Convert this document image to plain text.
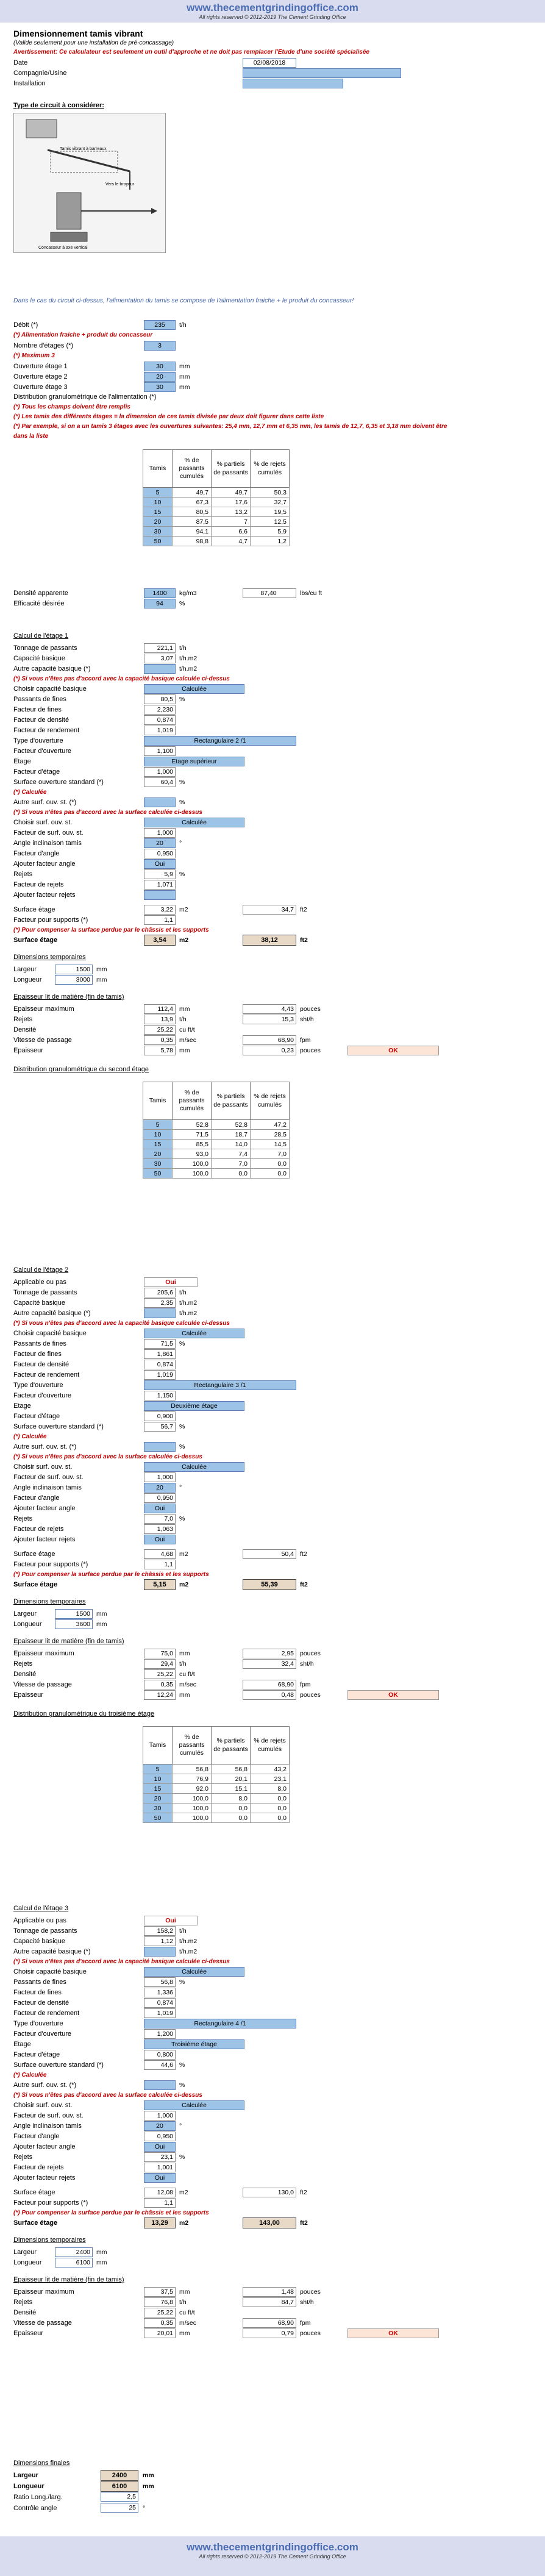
www.thecementgrindingoffice.com
All rights reserved © 2012-2019 The Cement Grinding Office
Dimensionnement tamis vibrant
(Valide seulement pour une installation de pré-concassage)
Avertissement: Ce calculateur est seulement un outil d'approche et ne doit pas remplacer l'Etude d'une société spécialisée
Date	02/08/2018
Compagnie/Usine
Installation
Type de circuit à considérer:
Tamis vibrant à barreaux
Vers le broyeur
Concasseur à axe vertical
Dans le cas du circuit ci-dessus, l'alimentation du tamis se compose de l'alimentation fraiche + le produit du concasseur!
Débit (*)	235	t/h
(*) Alimentation fraiche + produit du concasseur
Nombre d'étages (*)	3
(*) Maximum 3
Distribution granulométrique de l'alimentation (*)
(*) Tous les champs doivent être remplis
(*) Les tamis des différents étages = la dimension de ces tamis divisée par deux doit figurer dans cette liste
(*) Par exemple, si on a un tamis 3 étages avec les ouvertures suivantes: 25,4 mm, 12,7 mm et 6,35 mm, les tamis de 12,7, 6,35 et 3,18 mm doivent être
dans la liste
Tamis	% de passants cumulés	% partiels de passants	% de rejets cumulés
5	49,7	49,7	50,3
10	67,3	17,6	32,7
15	80,5	13,2	19,5
20	87,5	7	12,5
30	94,1	6,6	5,9
50	98,8	4,7	1,2
Densité apparente	1400	kg/m3	87,40	lbs/cu ft
Efficacité désirée	94	%
Ouverture étage 1	30	mm
Ouverture étage 2	20	mm
Ouverture étage 3	30	mm
Calcul de l'étage 1
Tonnage de passants	221,1 t/h
Capacité basique	3,07 t/h.m2
Autre capacité basique (*)	t/h.m2
(*) Si vous n'êtes pas d'accord avec la capacité basique calculée ci-dessus
Choisir capacité basique	Calculée
Passants de fines	80,5 %
Facteur de fines	2,230
Facteur de densité	0,874
Facteur de rendement	1,019
Type d'ouverture	Rectangulaire 2 /1
Facteur d'ouverture	1,100
Etage	Etage supérieur
Facteur d'étage	1,000
Surface ouverture standard (*)	60,4 %
(*) Calculée
Autre surf. ouv. st. (*)	%
(*) Si vous n'êtes pas d'accord avec la surface calculée ci-dessus
Choisir surf. ouv. st.	Calculée
Facteur de surf. ouv. st.	1,000
Angle inclinaison tamis	20	°
Facteur d'angle	0,950
Ajouter facteur angle	Oui
Rejets	5,9 %
Facteur de rejets	1,071
Ajouter facteur rejets
Surface étage	3,22 m2	34,7 ft2
Facteur pour supports (*)	1,1
(*) Pour compenser la surface perdue par le châssis et les supports
Surface étage	3,54	m2	38,12	ft2
Dimensions temporaires
Largeur	1500 mm
Longueur	3000 mm
Epaisseur lit de matière (fin de tamis)
Epaisseur maximum	112,4 mm	4,43 pouces
Rejets	13,9 t/h	15,3 sht/h
Densité	25,22 cu ft/t
Vitesse de passage	0,35 m/sec	68,90 fpm
Epaisseur	5,78 mm	0,23 pouces	OK
Distribution granulométrique du second étage
Tamis	% de passants cumulés	% partiels de passants	% de rejets cumulés
5	52,8	52,8	47,2
10	71,5	18,7	28,5
15	85,5	14,0	14,5
20	93,0	7,4	7,0
30	100,0	7,0	0,0
50	100,0	0,0	0,0
Calcul de l'étage 2
Applicable ou pas	Oui
Tonnage de passants	205,6 t/h
Capacité basique	2,35 t/h.m2
Autre capacité basique (*)	t/h.m2
(*) Si vous n'êtes pas d'accord avec la capacité basique calculée ci-dessus
Choisir capacité basique	Calculée
Passants de fines	71,5 %
Facteur de fines	1,861
Facteur de densité	0,874
Facteur de rendement	1,019
Type d'ouverture	Rectangulaire 3 /1
Facteur d'ouverture	1,150
Etage	Deuxième étage
Facteur d'étage	0,900
Surface ouverture standard (*)	56,7 %
(*) Calculée
Autre surf. ouv. st. (*)	%
(*) Si vous n'êtes pas d'accord avec la surface calculée ci-dessus
Choisir surf. ouv. st.	Calculée
Facteur de surf. ouv. st.	1,000
Angle inclinaison tamis	20	°
Facteur d'angle	0,950
Ajouter facteur angle	Oui
Rejets	7,0 %
Facteur de rejets	1,063
Ajouter facteur rejets	Oui
Surface étage	4,68 m2	50,4 ft2
Facteur pour supports (*)	1,1
(*) Pour compenser la surface perdue par le châssis et les supports
Surface étage	5,15	m2	55,39	ft2
Dimensions temporaires
Largeur	1500 mm
Longueur	3600 mm
Epaisseur lit de matière (fin de tamis)
Epaisseur maximum	75,0 mm	2,95 pouces
Rejets	29,4 t/h	32,4 sht/h
Densité	25,22 cu ft/t
Vitesse de passage	0,35 m/sec	68,90 fpm
Epaisseur	12,24 mm	0,48 pouces	OK
Distribution granulométrique du troisième étage
Tamis	% de passants cumulés	% partiels de passants	% de rejets cumulés
5	56,8	56,8	43,2
10	76,9	20,1	23,1
15	92,0	15,1	8,0
20	100,0	8,0	0,0
30	100,0	0,0	0,0
50	100,0	0,0	0,0
Calcul de l'étage 3
Applicable ou pas	Oui
Tonnage de passants	158,2 t/h
Capacité basique	1,12 t/h.m2
Autre capacité basique (*)	t/h.m2
(*) Si vous n'êtes pas d'accord avec la capacité basique calculée ci-dessus
Choisir capacité basique	Calculée
Passants de fines	56,8 %
Facteur de fines	1,336
Facteur de densité	0,874
Facteur de rendement	1,019
Type d'ouverture	Rectangulaire 4 /1
Facteur d'ouverture	1,200
Etage	Troisième étage
Facteur d'étage	0,800
Surface ouverture standard (*)	44,6 %
(*) Calculée
Autre surf. ouv. st. (*)	%
(*) Si vous n'êtes pas d'accord avec la surface calculée ci-dessus
Choisir surf. ouv. st.	Calculée
Facteur de surf. ouv. st.	1,000
Angle inclinaison tamis	20	°
Facteur d'angle	0,950
Ajouter facteur angle	Oui
Rejets	23,1 %
Facteur de rejets	1,001
Ajouter facteur rejets	Oui
Surface étage	12,08 m2	130,0 ft2
Facteur pour supports (*)	1,1
(*) Pour compenser la surface perdue par le châssis et les supports
Surface étage	13,29	m2	143,00	ft2
Dimensions temporaires
Largeur	2400 mm
Longueur	6100 mm
Epaisseur lit de matière (fin de tamis)
Epaisseur maximum	37,5 mm	1,48 pouces
Rejets	76,8 t/h	84,7 sht/h
Densité	25,22 cu ft/t
Vitesse de passage	0,35 m/sec	68,90 fpm
Epaisseur	20,01 mm	0,79 pouces	OK
Dimensions finales
Largeur	2400	mm
Longueur	6100	mm
Ratio Long./larg.	2,5
Contrôle angle	25	°
www.thecementgrindingoffice.com
All rights reserved © 2012-2019 The Cement Grinding Office
